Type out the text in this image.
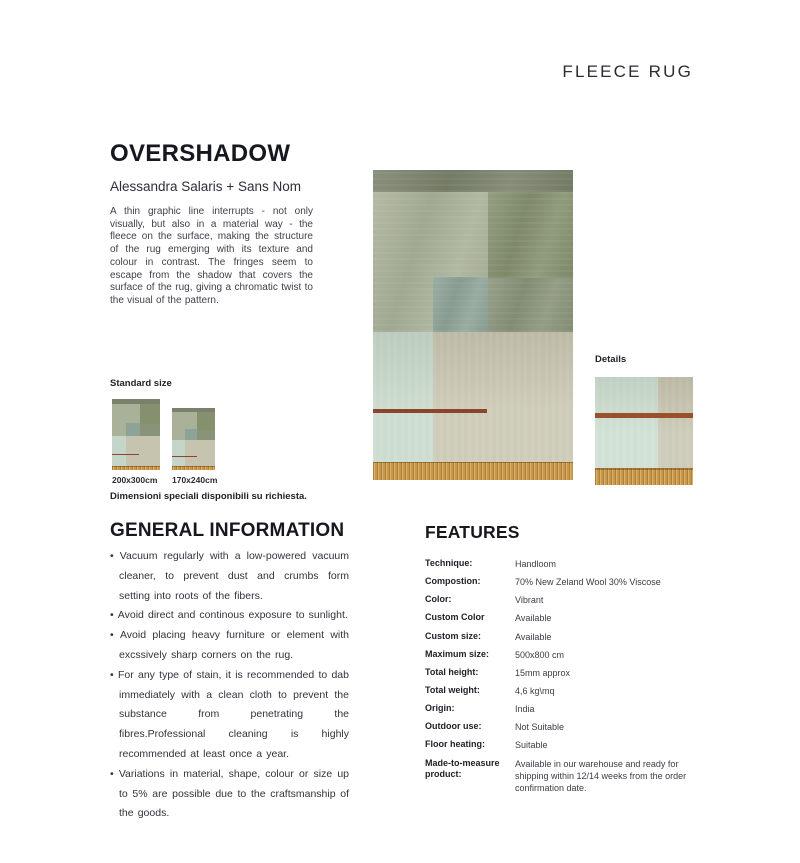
FLEECE RUG
OVERSHADOW
Alessandra Salaris + Sans Nom
A thin graphic line interrupts - not only visually, but also in a material way - the fleece on the surface, making the structure of the rug emerging with its texture and colour in contrast. The fringes seem to escape from the shadow that covers the surface of the rug, giving a chromatic twist to the visual of the pattern.
Details
Standard size
200x300cm 170x240cm
Dimensioni speciali disponibili su richiesta.
GENERAL INFORMATION
• Vacuum regularly with a low-powered vacuum cleaner, to prevent dust and crumbs form setting into roots of the fibers.
• Avoid direct and continous exposure to sunlight.
• Avoid placing heavy furniture or element with excssively sharp corners on the rug.
• For any type of stain, it is recommended to dab immediately with a clean cloth to prevent the substance from penetrating the fibres.Professional cleaning is highly recommended at least once a year.
• Variations in material, shape, colour or size up to 5% are possible due to the craftsmanship of the goods.
FEATURES
Technique:	Handloom
Compostion:	70% New Zeland Wool 30% Viscose
Color:	Vibrant
Custom Color	Available
Custom size:	Available
Maximum size:	500x800 cm
Total height:	15mm approx
Total weight:	4,6 kg\mq
Origin:	India
Outdoor use:	Not Suitable
Floor heating:	Suitable
Made-to-measure product:
Available in our warehouse and ready for shipping within 12/14 weeks from the order confirmation date.
